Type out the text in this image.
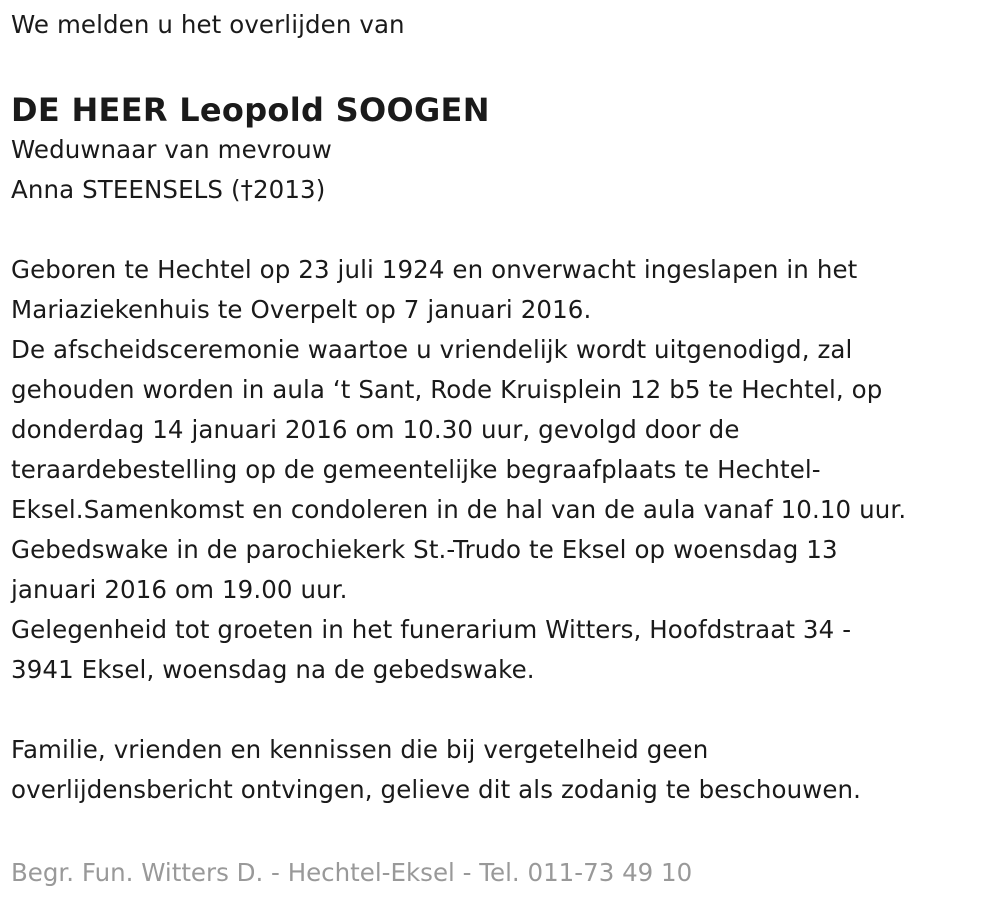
We melden u het overlijden van
DE HEER Leopold SOOGEN
Weduwnaar van mevrouw
Anna STEENSELS (†2013)
Geboren te Hechtel op 23 juli 1924 en onverwacht ingeslapen in het
Mariaziekenhuis te Overpelt op 7 januari 2016.
De afscheidsceremonie waartoe u vriendelijk wordt uitgenodigd, zal
gehouden worden in aula ‘t Sant, Rode Kruisplein 12 b5 te Hechtel, op
donderdag 14 januari 2016 om 10.30 uur, gevolgd door de
teraardebestelling op de gemeentelijke begraafplaats te Hechtel-
Eksel.Samenkomst en condoleren in de hal van de aula vanaf 10.10 uur.
Gebedswake in de parochiekerk St.-Trudo te Eksel op woensdag 13
januari 2016 om 19.00 uur.
Gelegenheid tot groeten in het funerarium Witters, Hoofdstraat 34 -
3941 Eksel, woensdag na de gebedswake.
Familie, vrienden en kennissen die bij vergetelheid geen
overlijdensbericht ontvingen, gelieve dit als zodanig te beschouwen.
Begr. Fun. Witters D. - Hechtel-Eksel - Tel. 011-73 49 10
